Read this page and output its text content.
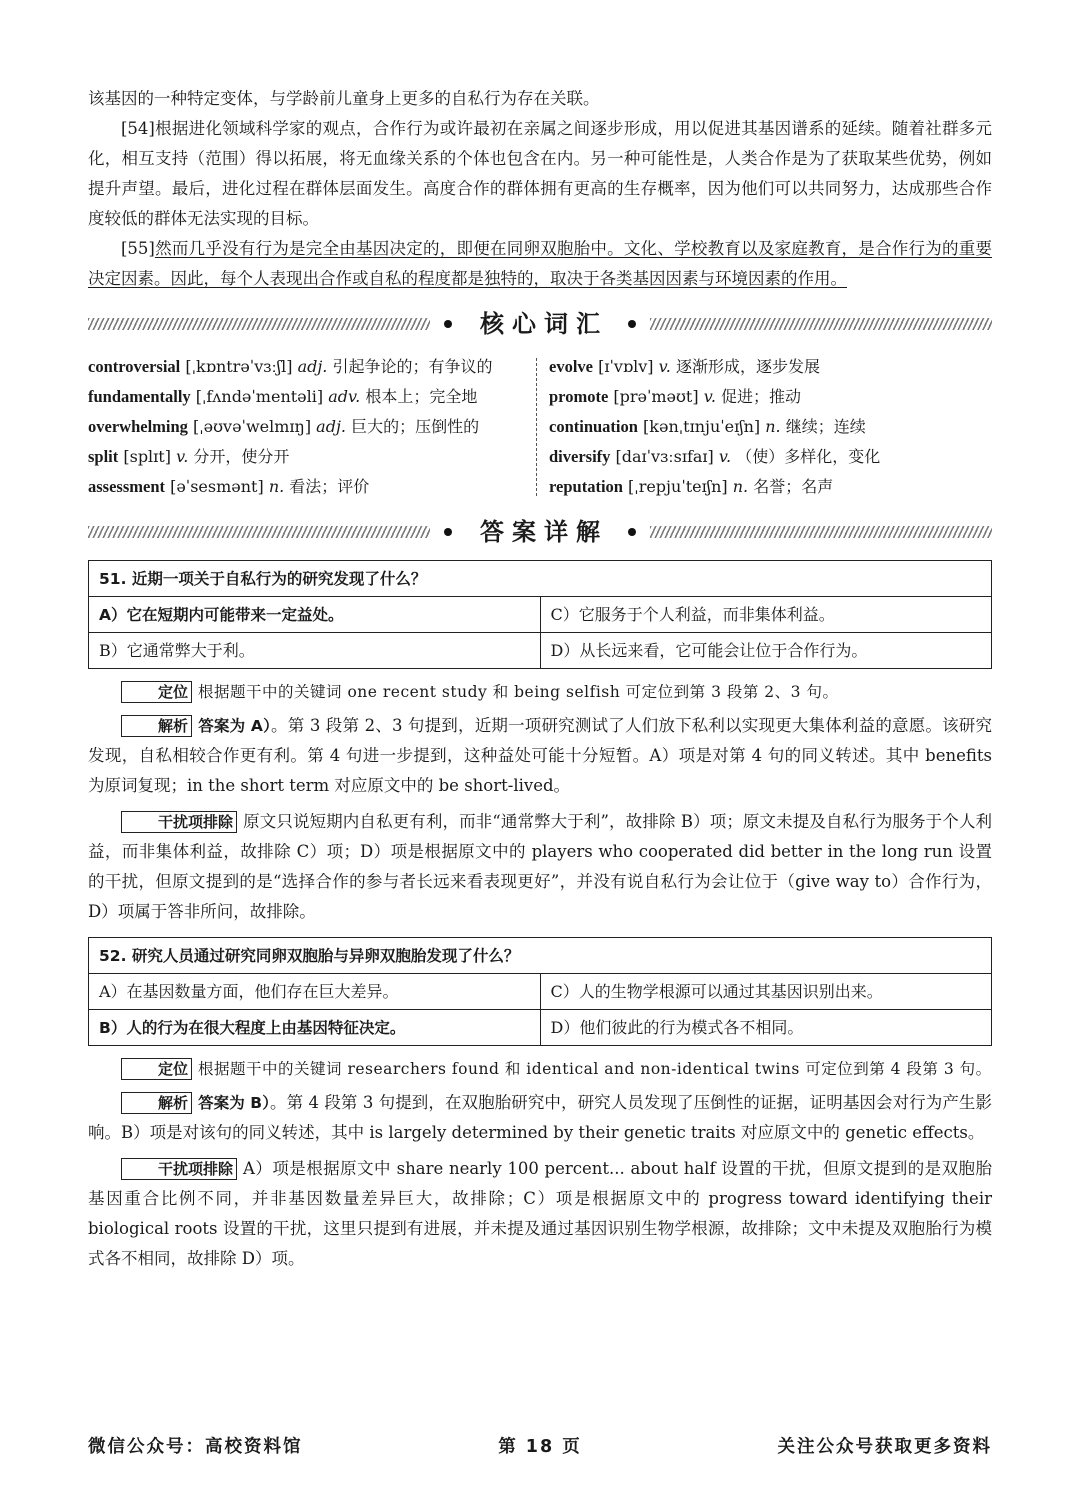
该基因的一种特定变体，与学龄前儿童身上更多的自私行为存在关联。

[54]根据进化领域科学家的观点，合作行为或许最初在亲属之间逐步形成，用以促进其基因谱系的延续。随着社群多元化，相互支持（范围）得以拓展，将无血缘关系的个体也包含在内。另一种可能性是，人类合作是为了获取某些优势，例如提升声望。最后，进化过程在群体层面发生。高度合作的群体拥有更高的生存概率，因为他们可以共同努力，达成那些合作度较低的群体无法实现的目标。

[55]然而几乎没有行为是完全由基因决定的，即便在同卵双胞胎中。文化、学校教育以及家庭教育，是合作行为的重要决定因素。因此，每个人表现出合作或自私的程度都是独特的，取决于各类基因因素与环境因素的作用。

核心词汇
controversial [ˌkɒntrəˈvɜːʃl] adj. 引起争论的；有争议的
fundamentally [ˌfʌndəˈmentəli] adv. 根本上；完全地
overwhelming [ˌəʊvəˈwelmɪŋ] adj. 巨大的；压倒性的
split [splɪt] v. 分开，使分开
assessment [əˈsesmənt] n. 看法；评价
evolve [ɪˈvɒlv] v. 逐渐形成，逐步发展
promote [prəˈməʊt] v. 促进；推动
continuation [kənˌtɪnjuˈeɪʃn] n. 继续；连续
diversify [daɪˈvɜːsɪfaɪ] v. （使）多样化，变化
reputation [ˌrepjuˈteɪʃn] n. 名誉；名声
答案详解
51. 近期一项关于自私行为的研究发现了什么？	
A）它在短期内可能带来一定益处。	C）它服务于个人利益，而非集体利益。
B）它通常弊大于利。	D）从长远来看，它可能会让位于合作行为。

定位 根据题干中的关键词 one recent study 和 being selfish 可定位到第 3 段第 2、3 句。

解析 答案为 A）。第 3 段第 2、3 句提到，近期一项研究测试了人们放下私利以实现更大集体利益的意愿。该研究发现，自私相较合作更有利。第 4 句进一步提到，这种益处可能十分短暂。A）项是对第 4 句的同义转述。其中 benefits 为原词复现；in the short term 对应原文中的 be short-lived。

干扰项排除 原文只说短期内自私更有利，而非“通常弊大于利”，故排除 B）项；原文未提及自私行为服务于个人利益，而非集体利益，故排除 C）项；D）项是根据原文中的 players who cooperated did better in the long run 设置的干扰，但原文提到的是“选择合作的参与者长远来看表现更好”，并没有说自私行为会让位于（give way to）合作行为，D）项属于答非所问，故排除。

52. 研究人员通过研究同卵双胞胎与异卵双胞胎发现了什么？	
A）在基因数量方面，他们存在巨大差异。	C）人的生物学根源可以通过其基因识别出来。
B）人的行为在很大程度上由基因特征决定。	D）他们彼此的行为模式各不相同。

定位 根据题干中的关键词 researchers found 和 identical and non-identical twins 可定位到第 4 段第 3 句。

解析 答案为 B）。第 4 段第 3 句提到，在双胞胎研究中，研究人员发现了压倒性的证据，证明基因会对行为产生影响。B）项是对该句的同义转述，其中 is largely determined by their genetic traits 对应原文中的 genetic effects。

干扰项排除 A）项是根据原文中 share nearly 100 percent... about half 设置的干扰，但原文提到的是双胞胎基因重合比例不同，并非基因数量差异巨大，故排除；C）项是根据原文中的 progress toward identifying their biological roots 设置的干扰，这里只提到有进展，并未提及通过基因识别生物学根源，故排除；文中未提及双胞胎行为模式各不相同，故排除 D）项。

微信公众号：高校资料馆	第 18 页	关注公众号获取更多资料
